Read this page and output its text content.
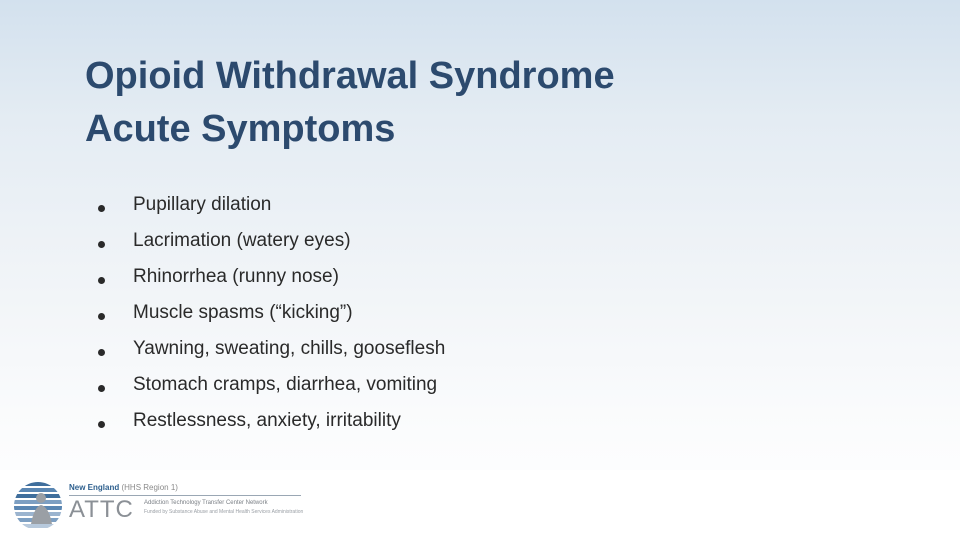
Opioid Withdrawal Syndrome
Acute Symptoms
Pupillary dilation
Lacrimation (watery eyes)
Rhinorrhea (runny nose)
Muscle spasms (“kicking”)
Yawning, sweating, chills, gooseflesh
Stomach cramps, diarrhea, vomiting
Restlessness, anxiety, irritability
New England (HHS Region 1)
ATTC Addiction Technology Transfer Center Network
Funded by Substance Abuse and Mental Health Services Administration
